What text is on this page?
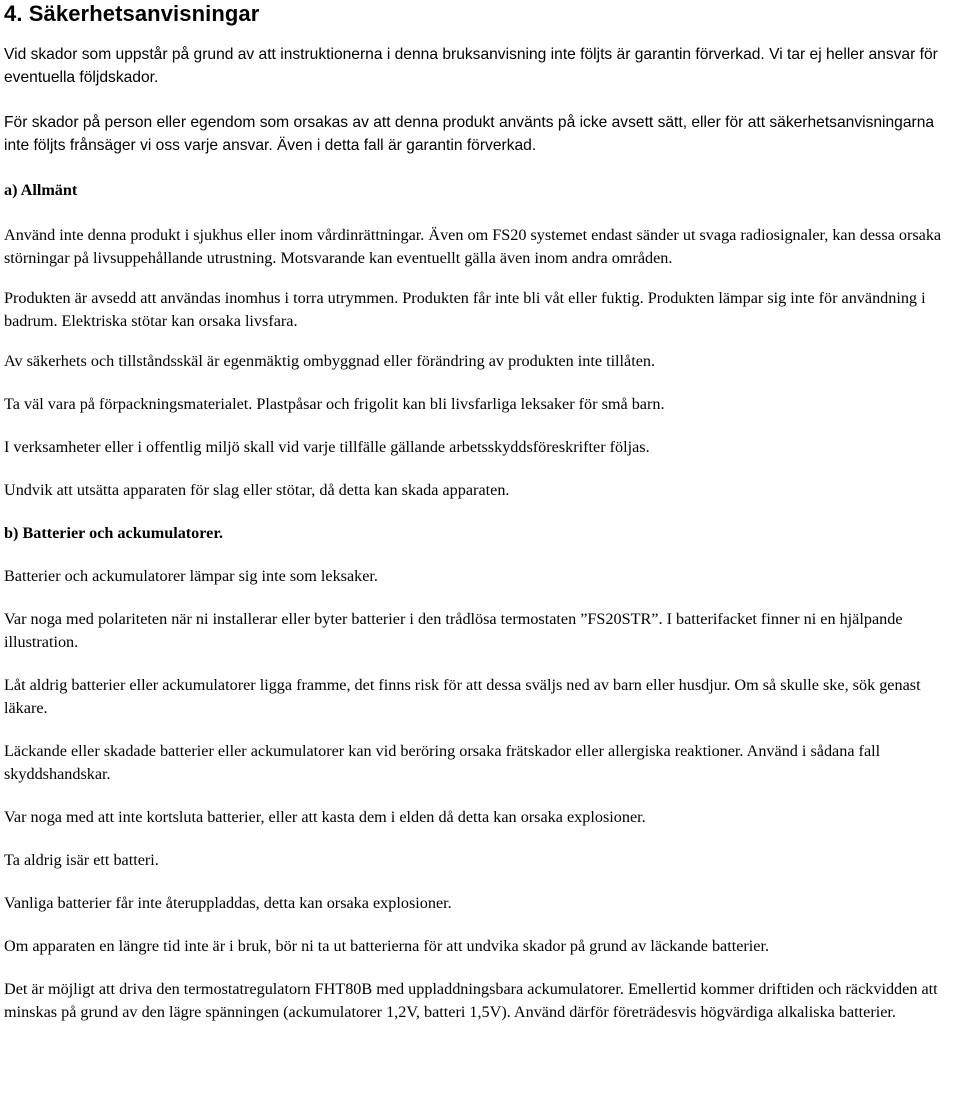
4. Säkerhetsanvisningar

Vid skador som uppstår på grund av att instruktionerna i denna bruksanvisning inte följts är garantin förverkad. Vi tar ej heller ansvar för eventuella följdskador.

För skador på person eller egendom som orsakas av att denna produkt använts på icke avsett sätt, eller för att säkerhetsanvisningarna inte följts frånsäger vi oss varje ansvar. Även i detta fall är garantin förverkad.

a) Allmänt

Använd inte denna produkt i sjukhus eller inom vårdinrättningar. Även om FS20 systemet endast sänder ut svaga radiosignaler, kan dessa orsaka störningar på livsuppehållande utrustning. Motsvarande kan eventuellt gälla även inom andra områden.

Produkten är avsedd att användas inomhus i torra utrymmen. Produkten får inte bli våt eller fuktig. Produkten lämpar sig inte för användning i badrum. Elektriska stötar kan orsaka livsfara.

Av säkerhets och tillståndsskäl är egenmäktig ombyggnad eller förändring av produkten inte tillåten.

Ta väl vara på förpackningsmaterialet. Plastpåsar och frigolit kan bli livsfarliga leksaker för små barn.

I verksamheter eller i offentlig miljö skall vid varje tillfälle gällande arbetsskyddsföreskrifter följas.

Undvik att utsätta apparaten för slag eller stötar, då detta kan skada apparaten.

b) Batterier och ackumulatorer.

Batterier och ackumulatorer lämpar sig inte som leksaker.

Var noga med polariteten när ni installerar eller byter batterier i den trådlösa termostaten ”FS20STR”. I batterifacket finner ni en hjälpande illustration.

Låt aldrig batterier eller ackumulatorer ligga framme, det finns risk för att dessa sväljs ned av barn eller husdjur. Om så skulle ske, sök genast läkare.

Läckande eller skadade batterier eller ackumulatorer kan vid beröring orsaka frätskador eller allergiska reaktioner. Använd i sådana fall skyddshandskar.

Var noga med att inte kortsluta batterier, eller att kasta dem i elden då detta kan orsaka explosioner.

Ta aldrig isär ett batteri.

Vanliga batterier får inte återuppladdas, detta kan orsaka explosioner.

Om apparaten en längre tid inte är i bruk, bör ni ta ut batterierna för att undvika skador på grund av läckande batterier.

Det är möjligt att driva den termostatregulatorn FHT80B med uppladdningsbara ackumulatorer. Emellertid kommer driftiden och räckvidden att minskas på grund av den lägre spänningen (ackumulatorer 1,2V, batteri 1,5V). Använd därför företrädesvis högvärdiga alkaliska batterier.
